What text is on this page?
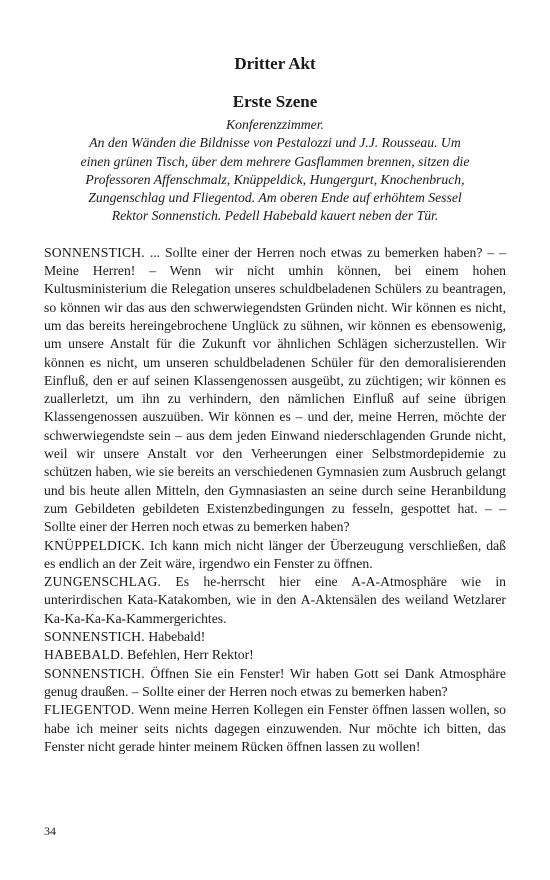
Dritter Akt
Erste Szene
Konferenzzimmer.
An den Wänden die Bildnisse von Pestalozzi und J.J. Rousseau. Um
einen grünen Tisch, über dem mehrere Gasflammen brennen, sitzen die
Professoren Affenschmalz, Knüppeldick, Hungergurt, Knochenbruch,
Zungenschlag und Fliegentod. Am oberen Ende auf erhöhtem Sessel
Rektor Sonnenstich. Pedell Habebald kauert neben der Tür.

SONNENSTICH. ... Sollte einer der Herren noch etwas zu bemerken haben? – – Meine Herren! – Wenn wir nicht umhin können, bei einem hohen Kultusministerium die Relegation unseres schuldbeladenen Schülers zu beantragen, so können wir das aus den schwerwiegendsten Gründen nicht. Wir können es nicht, um das bereits hereingebrochene Unglück zu sühnen, wir können es ebensowenig, um unsere Anstalt für die Zukunft vor ähnlichen Schlägen sicherzustellen. Wir können es nicht, um unseren schuldbeladenen Schüler für den demoralisierenden Einfluß, den er auf seinen Klassengenossen ausgeübt, zu züchtigen; wir können es zuallerletzt, um ihn zu verhindern, den nämlichen Einfluß auf seine übrigen Klassengenossen auszuüben. Wir können es – und der, meine Herren, möchte der schwerwiegendste sein – aus dem jeden Einwand niederschlagenden Grunde nicht, weil wir unsere Anstalt vor den Verheerungen einer Selbstmordepidemie zu schützen haben, wie sie bereits an verschiedenen Gymnasien zum Ausbruch gelangt und bis heute allen Mitteln, den Gymnasiasten an seine durch seine Heranbildung zum Gebildeten gebildeten Existenzbedingungen zu fesseln, gespottet hat. – – Sollte einer der Herren noch etwas zu bemerken haben?

KNÜPPELDICK. Ich kann mich nicht länger der Überzeugung verschließen, daß es endlich an der Zeit wäre, irgendwo ein Fenster zu öffnen.

ZUNGENSCHLAG. Es he-herrscht hier eine A-A-Atmosphäre wie in unterirdischen Kata-Katakomben, wie in den A-Aktensälen des weiland Wetzlarer Ka-Ka-Ka-Ka-Kammergerichtes.

SONNENSTICH. Habebald!

HABEBALD. Befehlen, Herr Rektor!

SONNENSTICH. Öffnen Sie ein Fenster! Wir haben Gott sei Dank Atmosphäre genug draußen. – Sollte einer der Herren noch etwas zu bemerken haben?

FLIEGENTOD. Wenn meine Herren Kollegen ein Fenster öffnen lassen wollen, so habe ich meiner seits nichts dagegen einzuwenden. Nur möchte ich bitten, das Fenster nicht gerade hinter meinem Rücken öffnen lassen zu wollen!

34
